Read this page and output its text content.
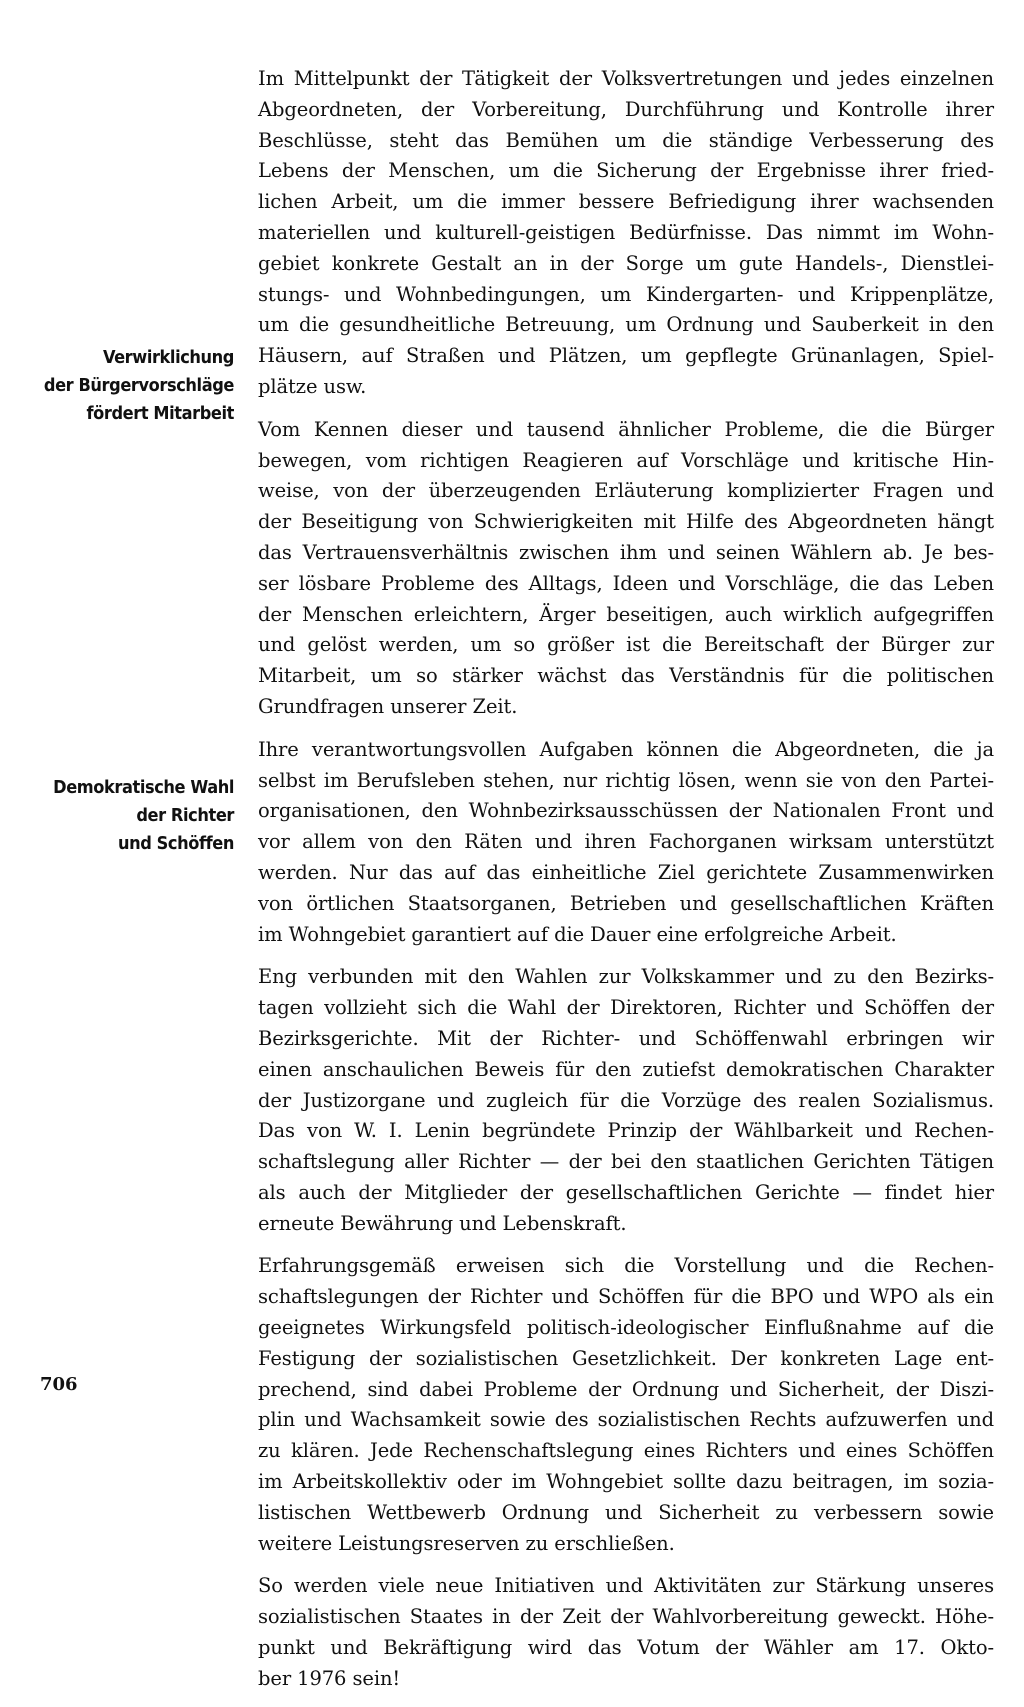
Verwirklichung
der Bürgervorschläge
fördert Mitarbeit
Demokratische Wahl
der Richter
und Schöffen
Im Mittelpunkt der Tätigkeit der Volksvertretungen und jedes einzelnen
Abgeordneten, der Vorbereitung, Durchführung und Kontrolle ihrer
Beschlüsse, steht das Bemühen um die ständige Verbesserung des
Lebens der Menschen, um die Sicherung der Ergebnisse ihrer fried-
lichen Arbeit, um die immer bessere Befriedigung ihrer wachsenden
materiellen und kulturell-geistigen Bedürfnisse. Das nimmt im Wohn-
gebiet konkrete Gestalt an in der Sorge um gute Handels-, Dienstlei-
stungs- und Wohnbedingungen, um Kindergarten- und Krippenplätze,
um die gesundheitliche Betreuung, um Ordnung und Sauberkeit in den
Häusern, auf Straßen und Plätzen, um gepflegte Grünanlagen, Spiel-
plätze usw.
Vom Kennen dieser und tausend ähnlicher Probleme, die die Bürger
bewegen, vom richtigen Reagieren auf Vorschläge und kritische Hin-
weise, von der überzeugenden Erläuterung komplizierter Fragen und
der Beseitigung von Schwierigkeiten mit Hilfe des Abgeordneten hängt
das Vertrauensverhältnis zwischen ihm und seinen Wählern ab. Je bes-
ser lösbare Probleme des Alltags, Ideen und Vorschläge, die das Leben
der Menschen erleichtern, Ärger beseitigen, auch wirklich aufgegriffen
und gelöst werden, um so größer ist die Bereitschaft der Bürger zur
Mitarbeit, um so stärker wächst das Verständnis für die politischen
Grundfragen unserer Zeit.
Ihre verantwortungsvollen Aufgaben können die Abgeordneten, die ja
selbst im Berufsleben stehen, nur richtig lösen, wenn sie von den Partei-
organisationen, den Wohnbezirksausschüssen der Nationalen Front und
vor allem von den Räten und ihren Fachorganen wirksam unterstützt
werden. Nur das auf das einheitliche Ziel gerichtete Zusammenwirken
von örtlichen Staatsorganen, Betrieben und gesellschaftlichen Kräften
im Wohngebiet garantiert auf die Dauer eine erfolgreiche Arbeit.
Eng verbunden mit den Wahlen zur Volkskammer und zu den Bezirks-
tagen vollzieht sich die Wahl der Direktoren, Richter und Schöffen der
Bezirksgerichte. Mit der Richter- und Schöffenwahl erbringen wir
einen anschaulichen Beweis für den zutiefst demokratischen Charakter
der Justizorgane und zugleich für die Vorzüge des realen Sozialismus.
Das von W. I. Lenin begründete Prinzip der Wählbarkeit und Rechen-
schaftslegung aller Richter — der bei den staatlichen Gerichten Tätigen
als auch der Mitglieder der gesellschaftlichen Gerichte — findet hier
erneute Bewährung und Lebenskraft.
Erfahrungsgemäß erweisen sich die Vorstellung und die Rechen-
schaftslegungen der Richter und Schöffen für die BPO und WPO als ein
geeignetes Wirkungsfeld politisch-ideologischer Einflußnahme auf die
Festigung der sozialistischen Gesetzlichkeit. Der konkreten Lage ent-
prechend, sind dabei Probleme der Ordnung und Sicherheit, der Diszi-
plin und Wachsamkeit sowie des sozialistischen Rechts aufzuwerfen und
zu klären. Jede Rechenschaftslegung eines Richters und eines Schöffen
im Arbeitskollektiv oder im Wohngebiet sollte dazu beitragen, im sozia-
listischen Wettbewerb Ordnung und Sicherheit zu verbessern sowie
weitere Leistungsreserven zu erschließen.
So werden viele neue Initiativen und Aktivitäten zur Stärkung unseres
sozialistischen Staates in der Zeit der Wahlvorbereitung geweckt. Höhe-
punkt und Bekräftigung wird das Votum der Wähler am 17. Okto-
ber 1976 sein!
706
